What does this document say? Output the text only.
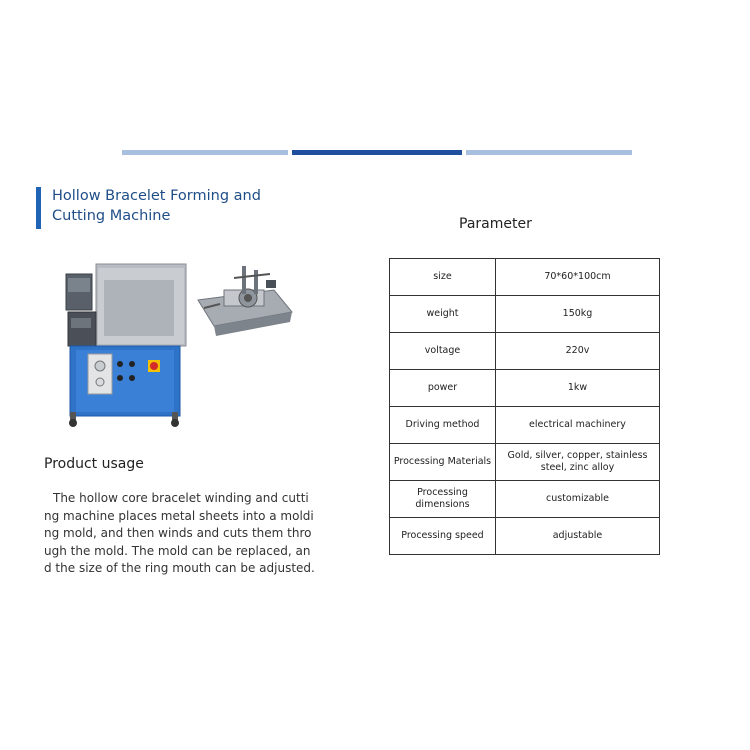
Hollow Bracelet Forming and Cutting Machine	Parameter
size	70*60*100cm
weight	150kg
voltage	220v
power	1kw
Driving method	electrical machinery
Processing Materials	Gold, silver, copper, stainless steel, zinc alloy
Processing dimensions	customizable
Processing speed	adjustable
Product usage
The hollow core bracelet winding and cutting machine places metal sheets into a molding mold, and then winds and cuts them through the mold. The mold can be replaced, and the size of the ring mouth can be adjusted.
